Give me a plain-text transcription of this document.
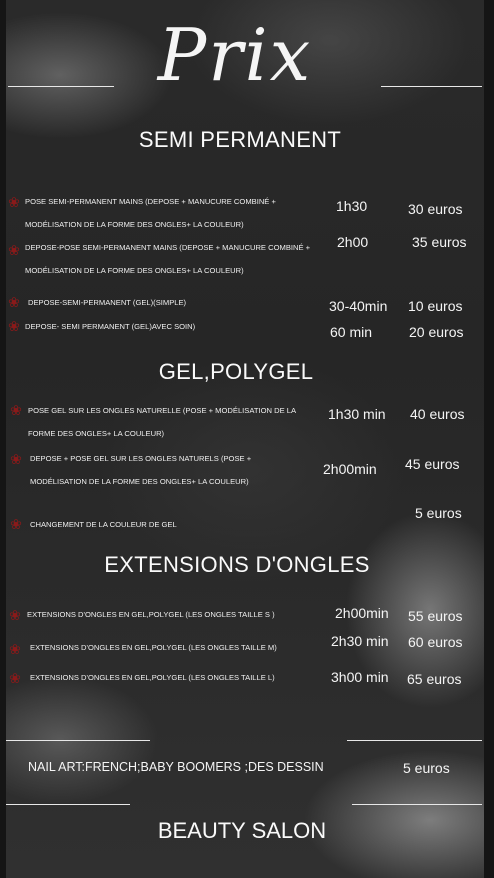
Prix
SEMI PERMANENT
❀ POSE SEMI-PERMANENT MAINS (DEPOSE + MANUCURE COMBINÉ + MODÉLISATION DE LA FORME DES ONGLES+ LA COULEUR)
1h30	30 euros
❀ DEPOSE-POSE SEMI-PERMANENT MAINS (DEPOSE + MANUCURE COMBINÉ + MODÉLISATION DE LA FORME DES ONGLES+ LA COULEUR)
2h00	35 euros
❀ DEPOSE-SEMI-PERMANENT (GEL)(SIMPLE)	30-40min 10 euros
❀ DEPOSE- SEMI PERMANENT (GEL)AVEC SOIN)	60 min	20 euros
GEL,POLYGEL
❀ POSE GEL SUR LES ONGLES NATURELLE (POSE + MODÉLISATION DE LA FORME DES ONGLES+ LA COULEUR)
1h30 min 40 euros
❀ DEPOSE + POSE GEL SUR LES ONGLES NATURELS (POSE + MODÉLISATION DE LA FORME DES ONGLES+ LA COULEUR)
2h00min 45 euros
❀ CHANGEMENT DE LA COULEUR DE GEL
5 euros
EXTENSIONS D'ONGLES
❀ EXTENSIONS D'ONGLES EN GEL,POLYGEL (LES ONGLES TAILLE S )	2h00min 55 euros
❀ EXTENSIONS D'ONGLES EN GEL,POLYGEL (LES ONGLES TAILLE M)	2h30 min 60 euros
❀ EXTENSIONS D'ONGLES EN GEL,POLYGEL (LES ONGLES TAILLE L)	3h00 min 65 euros
NAIL ART:FRENCH;BABY BOOMERS ;DES DESSIN	5 euros
BEAUTY SALON
